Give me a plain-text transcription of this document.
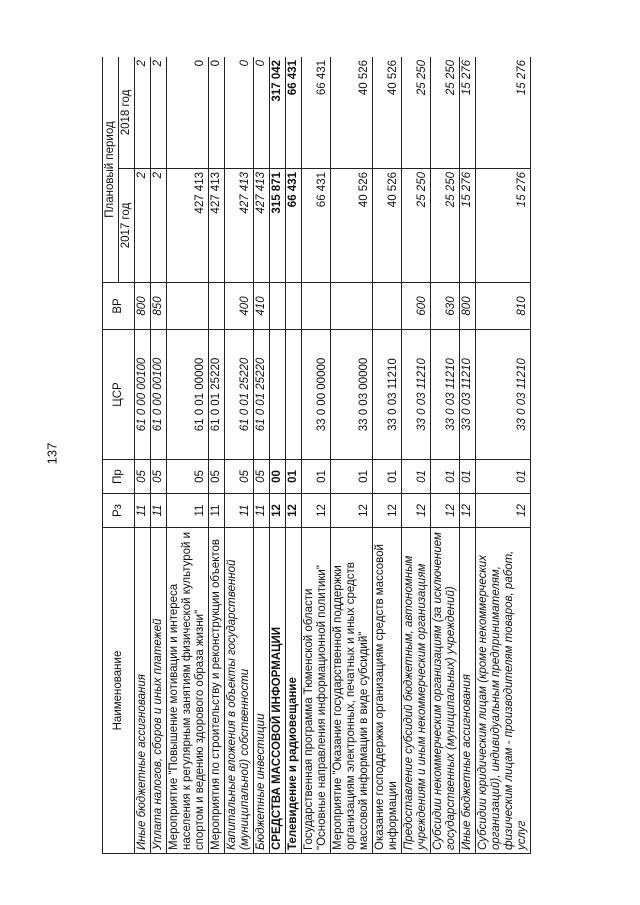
137
Наименование	Рз	Пр	ЦСР	ВР	Плановый период	
					2017 год	2018 год
Иные бюджетные ассигнования	11	05	61 0 00 00100	800	2	2
Уплата налогов, сборов и иных платежей	11	05	61 0 00 00100	850	2	2
Мероприятие "Повышение мотивации и интереса населения к регулярным занятиям физической культурой и спортом и ведению здорового образа жизни"	11	05	61 0 01 00000		427 413	0
Мероприятия по строительству и реконструкции объектов	11	05	61 0 01 25220		427 413	0
Капитальные вложения в объекты государственной (муниципальной) собственности	11	05	61 0 01 25220	400	427 413	0
Бюджетные инвестиции	11	05	61 0 01 25220	410	427 413	0
СРЕДСТВА МАССОВОЙ ИНФОРМАЦИИ	12	00			315 871	317 042
Телевидение и радиовещание	12	01			66 431	66 431
Государственная программа Тюменской области "Основные направления информационной политики"	12	01	33 0 00 00000		66 431	66 431
Мероприятие "Оказание государственной поддержки организациям электронных, печатных и иных средств массовой информации в виде субсидий"	12	01	33 0 03 00000		40 526	40 526
Оказание господдержки организациям средств массовой информации	12	01	33 0 03 11210		40 526	40 526
Предоставление субсидий бюджетным, автономным учреждениям и иным некоммерческим организациям	12	01	33 0 03 11210	600	25 250	25 250
Субсидии некоммерческим организациям (за исключением государственных (муниципальных) учреждений)	12	01	33 0 03 11210	630	25 250	25 250
Иные бюджетные ассигнования	12	01	33 0 03 11210	800	15 276	15 276
Субсидии юридическим лицам (кроме некоммерческих организаций), индивидуальным предпринимателям, физическим лицам - производителям товаров, работ, услуг	12	01	33 0 03 11210	810	15 276	15 276
